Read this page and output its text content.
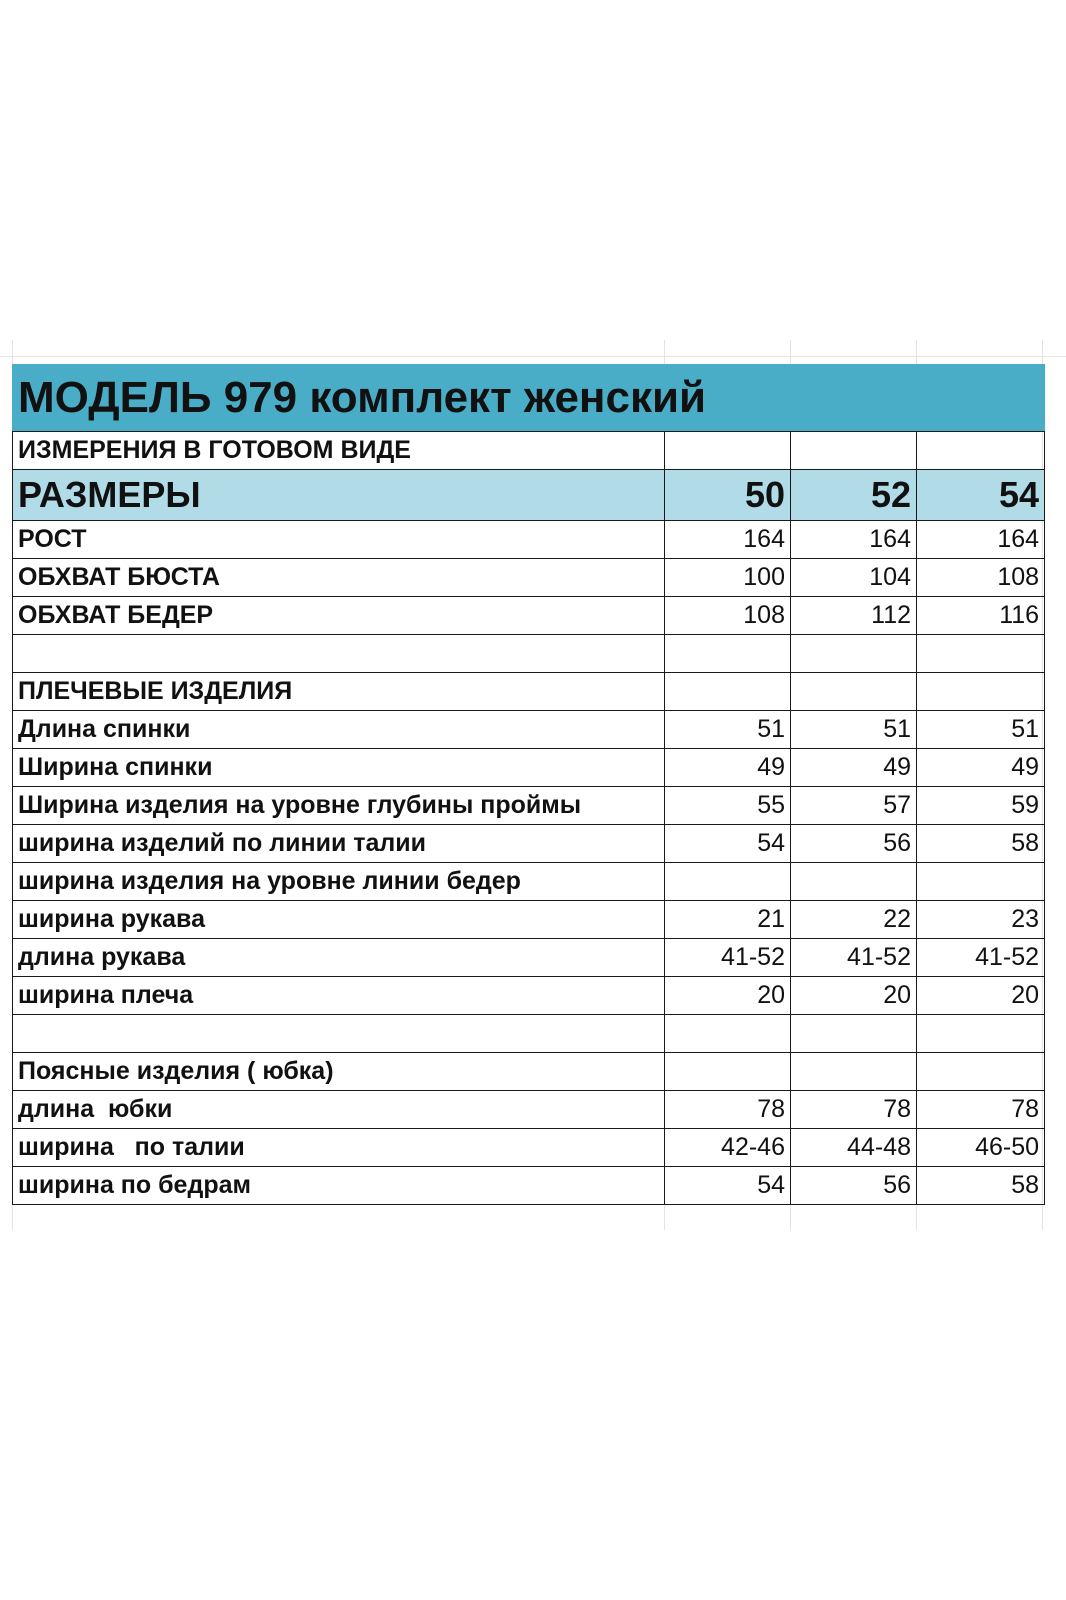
МОДЕЛЬ 979 комплект женский			
ИЗМЕРЕНИЯ В ГОТОВОМ ВИДЕ			
РАЗМЕРЫ	50	52	54
РОСТ	164	164	164
ОБХВАТ БЮСТА	100	104	108
ОБХВАТ БЕДЕР	108	112	116

ПЛЕЧЕВЫЕ ИЗДЕЛИЯ			
Длина спинки	51	51	51
Ширина спинки	49	49	49
Ширина изделия на уровне глубины проймы	55	57	59
ширина изделий по линии талии	54	56	58
ширина изделия на уровне линии бедер			
ширина рукава	21	22	23
длина рукава	41-52	41-52	41-52
ширина плеча	20	20	20

Поясные изделия ( юбка)			
длина  юбки	78	78	78
ширина   по талии	42-46	44-48	46-50
ширина по бедрам	54	56	58
